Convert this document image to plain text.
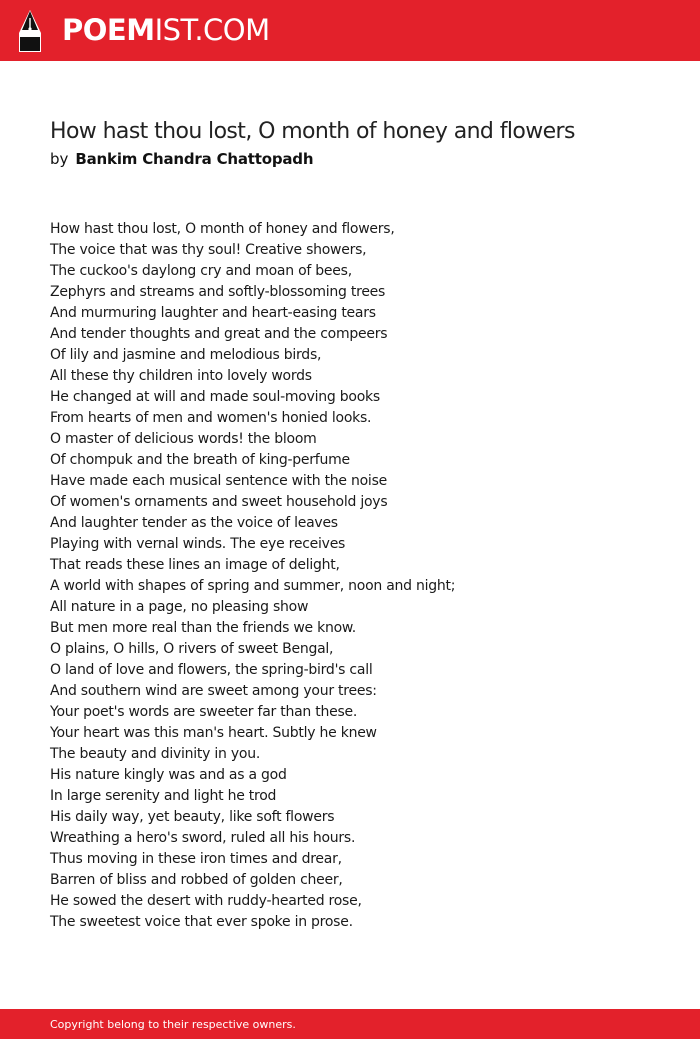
POEMIST.COM
How hast thou lost, O month of honey and flowers
by Bankim Chandra Chattopadh
How hast thou lost, O month of honey and flowers,
The voice that was thy soul! Creative showers,
The cuckoo's daylong cry and moan of bees,
Zephyrs and streams and softly-blossoming trees
And murmuring laughter and heart-easing tears
And tender thoughts and great and the compeers
Of lily and jasmine and melodious birds,
All these thy children into lovely words
He changed at will and made soul-moving books
From hearts of men and women's honied looks.
O master of delicious words! the bloom
Of chompuk and the breath of king-perfume
Have made each musical sentence with the noise
Of women's ornaments and sweet household joys
And laughter tender as the voice of leaves
Playing with vernal winds. The eye receives
That reads these lines an image of delight,
A world with shapes of spring and summer, noon and night;
All nature in a page, no pleasing show
But men more real than the friends we know.
O plains, O hills, O rivers of sweet Bengal,
O land of love and flowers, the spring-bird's call
And southern wind are sweet among your trees:
Your poet's words are sweeter far than these.
Your heart was this man's heart. Subtly he knew
The beauty and divinity in you.
His nature kingly was and as a god
In large serenity and light he trod
His daily way, yet beauty, like soft flowers
Wreathing a hero's sword, ruled all his hours.
Thus moving in these iron times and drear,
Barren of bliss and robbed of golden cheer,
He sowed the desert with ruddy-hearted rose,
The sweetest voice that ever spoke in prose.
Copyright belong to their respective owners.
